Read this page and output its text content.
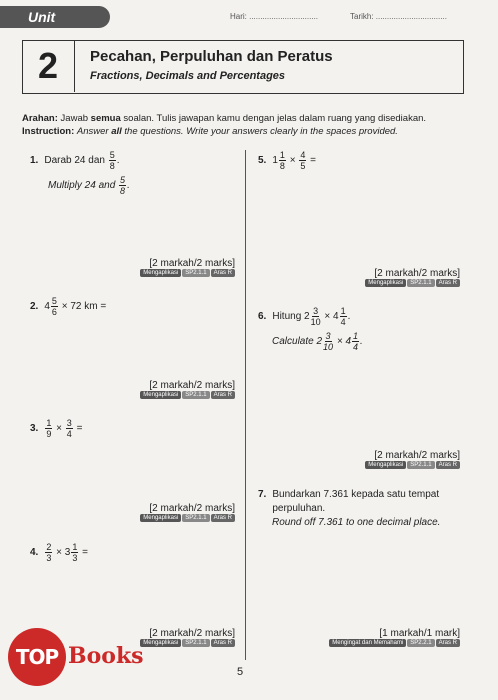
Unit	Hari: ...............................	Tarikh: ................................
2	Pecahan, Perpuluhan dan Peratus
Fractions, Decimals and Percentages
Arahan: Jawab semua soalan. Tulis jawapan kamu dengan jelas dalam ruang yang disediakan.
Instruction: Answer all the questions. Write your answers clearly in the spaces provided.
1. Darab 24 dan $\frac{5}{8}$ .
Multiply 24 and $\frac{5}{8}$ .
[2 markah/2 marks]
Mengaplikasi	SP2.1.1	Aras R
2. $4 \frac{5}{6} \times 72$ km =
[2 markah/2 marks]
Mengaplikasi	SP2.1.1	Aras R
3. $\frac{1}{9} \times \frac{3}{4}$ =
[2 markah/2 marks]
Mengaplikasi	SP2.1.1	Aras R
4. $\frac{2}{3} \times 3 \frac{1}{3}$ =
[2 markah/2 marks]
Mengaplikasi	SP2.1.1	Aras R
5. $1 \frac{1}{8} \times \frac{4}{5}$ =
[2 markah/2 marks]
Mengaplikasi	SP2.1.1	Aras R
6. Hitung $2 \frac{3}{10} \times 4 \frac{1}{4}$ .
Calculate $2 \frac{3}{10} \times 4 \frac{1}{4}$ .
[2 markah/2 marks]
Mengaplikasi	SP2.1.1	Aras R
7. Bundarkan 7.361 kepada satu tempat perpuluhan.
Round off 7.361 to one decimal place.
[1 markah/1 mark]
Mengingat dan Memahami	SP2.2.1	Aras R
5
TOP Books
